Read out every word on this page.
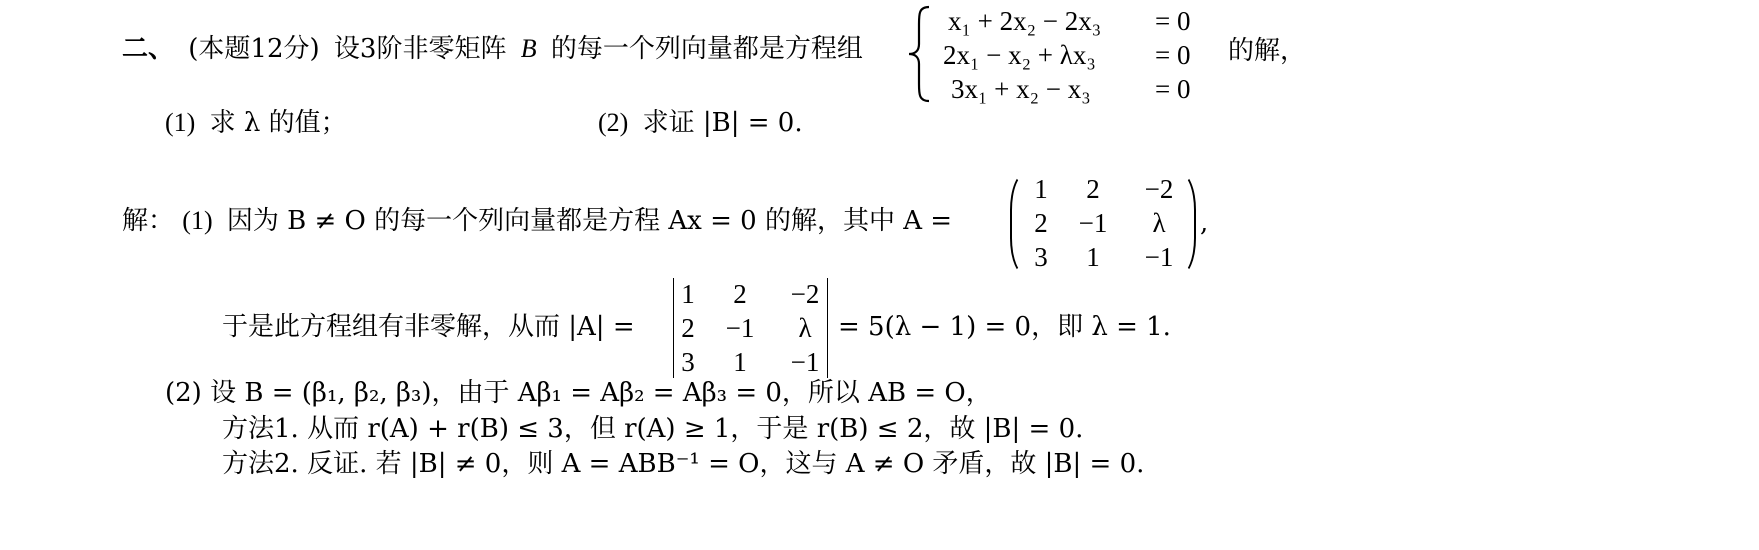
二、 (本题12分) 设3阶非零矩阵 B 的每一个列向量都是方程组
x₁ + 2x₂ − 2x₃ = 0
2x₁ − x₂ + λx₃ = 0
3x₁ + x₂ − x₃ = 0
的解，
(1) 求 λ 的值；	(2) 求证 |B| = 0.
解： (1) 因为 B ≠ O 的每一个列向量都是方程 Ax = 0 的解，其中 A =
1	2	−2
2	−1	λ
3	1	−1
,
于是此方程组有非零解，从而 |A| =
1	2	−2
2	−1	λ
3	1	−1
= 5(λ − 1) = 0，即 λ = 1.
(2) 设 B = (β₁, β₂, β₃)，由于 Aβ₁ = Aβ₂ = Aβ₃ = 0，所以 AB = O，
方法1. 从而 r(A) + r(B) ≤ 3，但 r(A) ≥ 1，于是 r(B) ≤ 2，故 |B| = 0.
方法2. 反证. 若 |B| ≠ 0，则 A = ABB⁻¹ = O，这与 A ≠ O 矛盾，故 |B| = 0.
